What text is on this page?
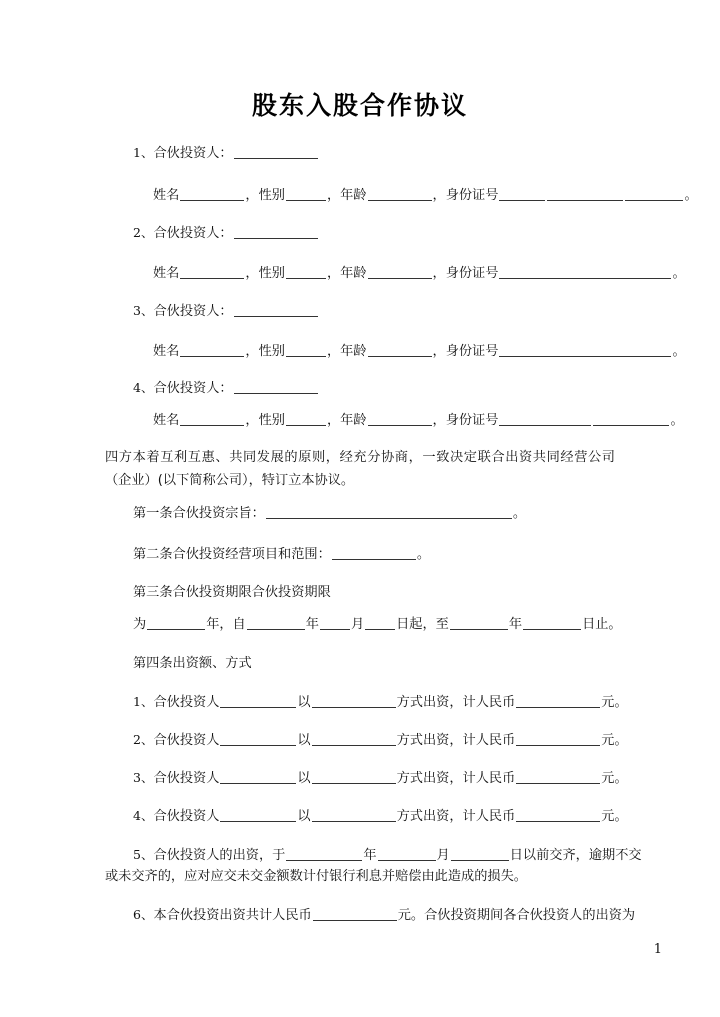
股东入股合作协议
1、合伙投资人：
姓名	，性别	，年龄	，身份证号	。
2、合伙投资人：
姓名	，性别	，年龄	，身份证号	。
3、合伙投资人：
姓名	，性别	，年龄	，身份证号	。
4、合伙投资人：
姓名	，性别	，年龄	，身份证号	。
四方本着互利互惠、共同发展的原则，经充分协商，一致决定联合出资共同经营公司（企业）(以下简称公司），特订立本协议。
第一条合伙投资宗旨：	。
第二条合伙投资经营项目和范围：	。
第三条合伙投资期限合伙投资期限
为	年，自	年 月 日起，至	年	日止。
第四条出资额、方式
1、合伙投资人	以	方式出资，计人民币	元。
2、合伙投资人	以	方式出资，计人民币	元。
3、合伙投资人	以	方式出资，计人民币	元。
4、合伙投资人	以	方式出资，计人民币	元。
5、合伙投资人的出资，于	年	月	日以前交齐，逾期不交
或未交齐的，应对应交未交金额数计付银行利息并赔偿由此造成的损失。
6、本合伙投资出资共计人民币	元。合伙投资期间各合伙投资人的出资为
1
